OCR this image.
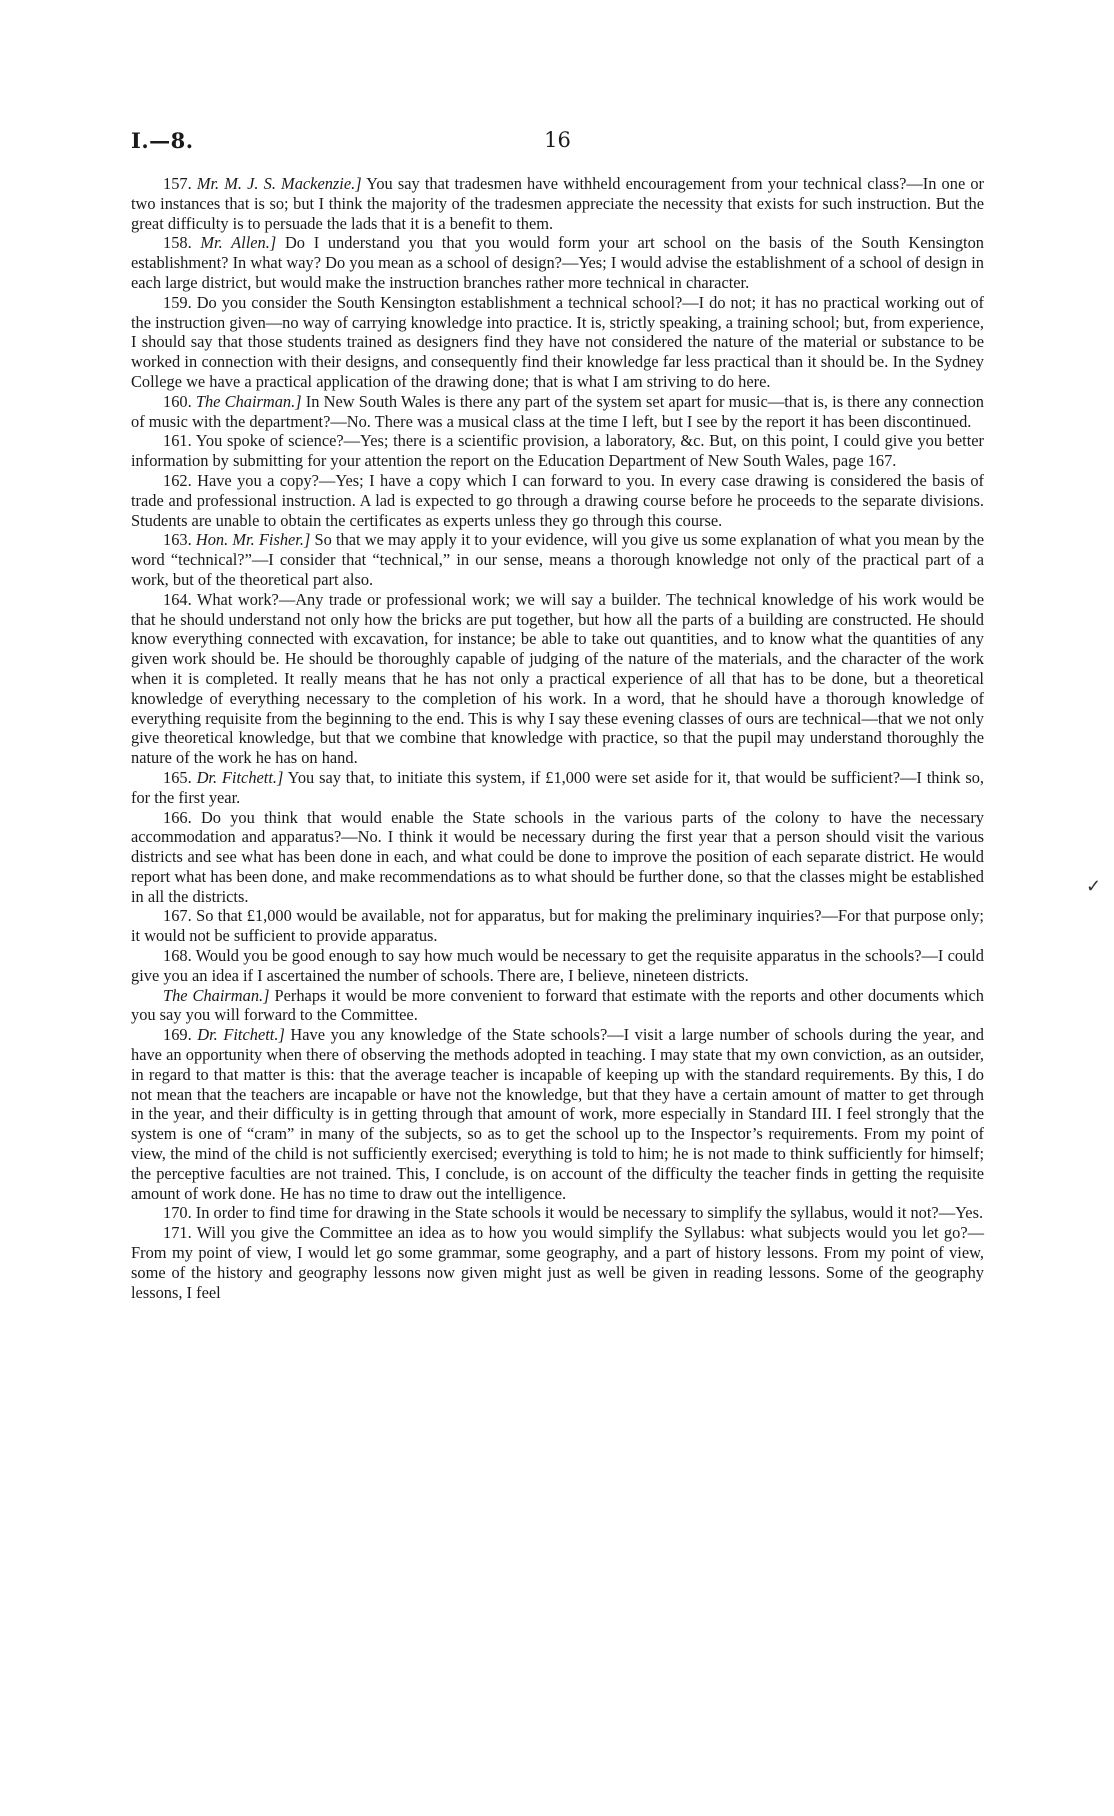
I.—8.	16

157. Mr. M. J. S. Mackenzie.] You say that tradesmen have withheld encouragement from your technical class?—In one or two instances that is so; but I think the majority of the tradesmen appreciate the necessity that exists for such instruction. But the great difficulty is to persuade the lads that it is a benefit to them.

158. Mr. Allen.] Do I understand you that you would form your art school on the basis of the South Kensington establishment? In what way? Do you mean as a school of design?—Yes; I would advise the establishment of a school of design in each large district, but would make the instruction branches rather more technical in character.

159. Do you consider the South Kensington establishment a technical school?—I do not; it has no practical working out of the instruction given—no way of carrying knowledge into practice. It is, strictly speaking, a training school; but, from experience, I should say that those students trained as designers find they have not considered the nature of the material or substance to be worked in connection with their designs, and consequently find their knowledge far less practical than it should be. In the Sydney College we have a practical application of the drawing done; that is what I am striving to do here.

160. The Chairman.] In New South Wales is there any part of the system set apart for music—that is, is there any connection of music with the department?—No. There was a musical class at the time I left, but I see by the report it has been discontinued.

161. You spoke of science?—Yes; there is a scientific provision, a laboratory, &c. But, on this point, I could give you better information by submitting for your attention the report on the Education Department of New South Wales, page 167.

162. Have you a copy?—Yes; I have a copy which I can forward to you. In every case drawing is considered the basis of trade and professional instruction. A lad is expected to go through a drawing course before he proceeds to the separate divisions. Students are unable to obtain the certificates as experts unless they go through this course.

163. Hon. Mr. Fisher.] So that we may apply it to your evidence, will you give us some explanation of what you mean by the word “technical?”—I consider that “technical,” in our sense, means a thorough knowledge not only of the practical part of a work, but of the theoretical part also.

164. What work?—Any trade or professional work; we will say a builder. The technical knowledge of his work would be that he should understand not only how the bricks are put together, but how all the parts of a building are constructed. He should know everything connected with excavation, for instance; be able to take out quantities, and to know what the quantities of any given work should be. He should be thoroughly capable of judging of the nature of the materials, and the character of the work when it is completed. It really means that he has not only a practical experience of all that has to be done, but a theoretical knowledge of everything necessary to the completion of his work. In a word, that he should have a thorough knowledge of everything requisite from the beginning to the end. This is why I say these evening classes of ours are technical—that we not only give theoretical knowledge, but that we combine that knowledge with practice, so that the pupil may understand thoroughly the nature of the work he has on hand.

165. Dr. Fitchett.] You say that, to initiate this system, if £1,000 were set aside for it, that would be sufficient?—I think so, for the first year.

166. Do you think that would enable the State schools in the various parts of the colony to have the necessary accommodation and apparatus?—No. I think it would be necessary during the first year that a person should visit the various districts and see what has been done in each, and what could be done to improve the position of each separate district. He would report what has been done, and make recommendations as to what should be further done, so that the classes might be established in all the districts.

167. So that £1,000 would be available, not for apparatus, but for making the preliminary inquiries?—For that purpose only; it would not be sufficient to provide apparatus.

168. Would you be good enough to say how much would be necessary to get the requisite apparatus in the schools?—I could give you an idea if I ascertained the number of schools. There are, I believe, nineteen districts.

The Chairman.] Perhaps it would be more convenient to forward that estimate with the reports and other documents which you say you will forward to the Committee.

169. Dr. Fitchett.] Have you any knowledge of the State schools?—I visit a large number of schools during the year, and have an opportunity when there of observing the methods adopted in teaching. I may state that my own conviction, as an outsider, in regard to that matter is this: that the average teacher is incapable of keeping up with the standard requirements. By this, I do not mean that the teachers are incapable or have not the knowledge, but that they have a certain amount of matter to get through in the year, and their difficulty is in getting through that amount of work, more especially in Standard III. I feel strongly that the system is one of “cram” in many of the subjects, so as to get the school up to the Inspector’s requirements. From my point of view, the mind of the child is not sufficiently exercised; everything is told to him; he is not made to think sufficiently for himself; the perceptive faculties are not trained. This, I conclude, is on account of the difficulty the teacher finds in getting the requisite amount of work done. He has no time to draw out the intelligence.

170. In order to find time for drawing in the State schools it would be necessary to simplify the syllabus, would it not?—Yes.

171. Will you give the Committee an idea as to how you would simplify the Syllabus: what subjects would you let go?—From my point of view, I would let go some grammar, some geography, and a part of history lessons. From my point of view, some of the history and geography lessons now given might just as well be given in reading lessons. Some of the geography lessons, I feel

✓
